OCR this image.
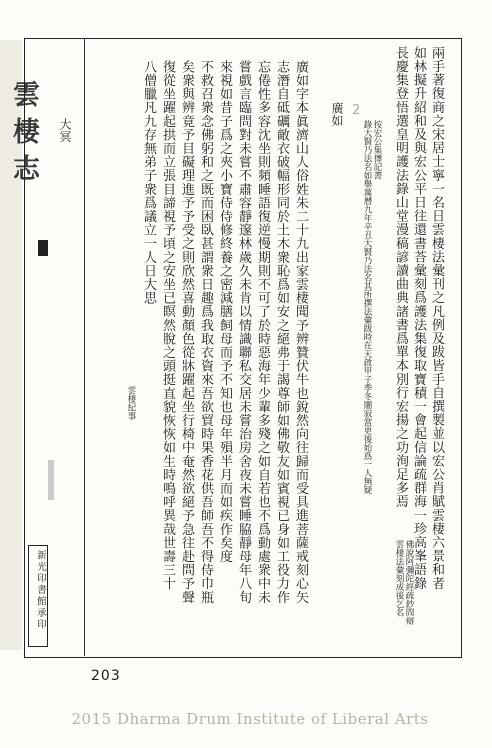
雲棲志	大冥
2	兩手著復商之宋居士寧一名日雲棲法彙刊之凡例及跋皆手自撰製並以宏公肖賦雲棲六景和者
如林擬升紹和及與宏公平日往還書荅彙刻爲護法集復取寶積一會起信論疏群海一珍高峯語錄
長慶集登悟選皇明護法錄山堂漫稿諺讀曲典諸書爲單本別行宏揚之功洵足多焉
佛說阿彌陀經疏鈔問辯
雲棲法彙刻成後乞名
按宏公集傳記書
錄大賢乃法名如舉萬曆九年辛丑大賢乃法名其所撰法彙跋時在天啟甲子季冬闍寂當更後始爲一人無疑
廣如
廣如字本眞濟山人俗姓朱二十九出家雲棲聞予辨贊伏牛也銳然向往歸而受具進菩薩戒刻心矢
志潛自砥礪敵衣破幅形同於土木衆恥爲如安之絕弗于謁尊師如佛敬友如賓視已身如工役力作
忘倦性多容沈坐則頻睡語復逆慢期則不可了於時惡海年少輩多殘之如自若也不爲動處衆中未
嘗戲言臨問對未嘗不肅容靜邃林歲久未肯以情識聯私交居未嘗治房舍夜未嘗睡脇靜母年八旬
來視如昔子爲之夾小寶侍侍修終養之密減膳飼母而予不知也母年殞半月而如疾作矣度
不救召衆念佛躬和之既而困臥甚謂衆日趣爲我取衣資來吾欲貿時果香花供吾師吾不得侍巾瓶
矣衆與辨竟予目礙理進予予受之則欣然喜動顏色從牀躍起坐行椅中奄然欲絕予急往赴問予聲
復從坐躍起拱而立張目諦視予頃之安坐已瞑然脫之頭挺直貌恢恢如生時鳴呼異哉世壽三十
八僧臘凡九存無弟子衆爲議立一人日大思
雲棲紀事
新光印書館承印
203
2015 Dharma Drum Institute of Liberal Arts
